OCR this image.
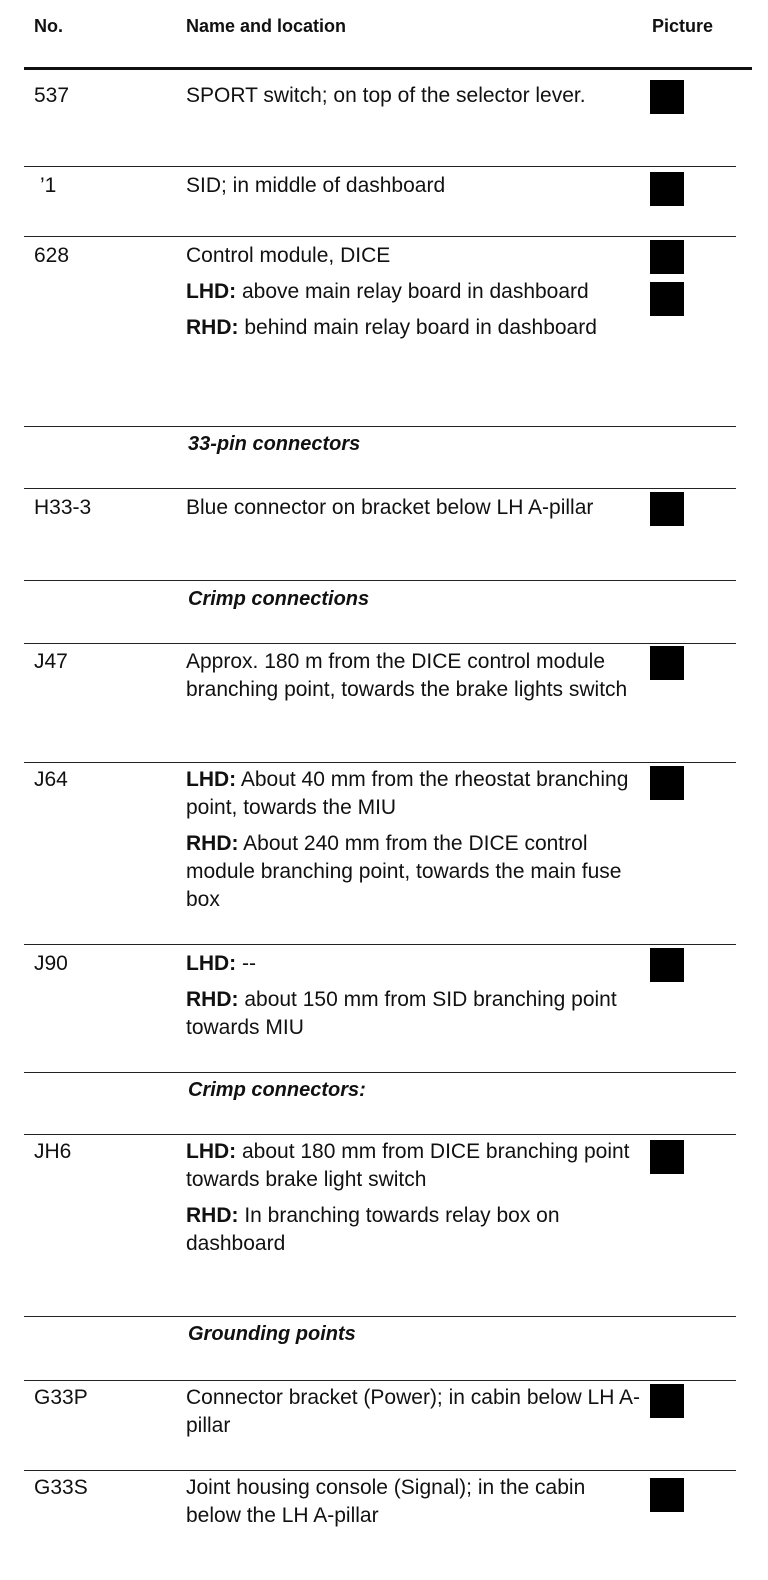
No.	Name and location	Picture
537	SPORT switch; on top of the selector lever.

’1	SID; in middle of dashboard

628	Control module, DICE

LHD: above main relay board in dashboard

RHD: behind main relay board in dashboard

33-pin connectors
H33-3	Blue connector on bracket below LH A-pillar

Crimp connections
J47	Approx. 180 m from the DICE control module branching point, towards the brake lights switch

J64	LHD: About 40 mm from the rheostat branching point, towards the MIU

RHD: About 240 mm from the DICE control module branching point, towards the main fuse box

J90	LHD: --

RHD: about 150 mm from SID branching point towards MIU

Crimp connectors:
JH6	LHD: about 180 mm from DICE branching point towards brake light switch

RHD: In branching towards relay box on dashboard

Grounding points
G33P	Connector bracket (Power); in cabin below LH A-pillar

G33S	Joint housing console (Signal); in the cabin below the LH A-pillar
